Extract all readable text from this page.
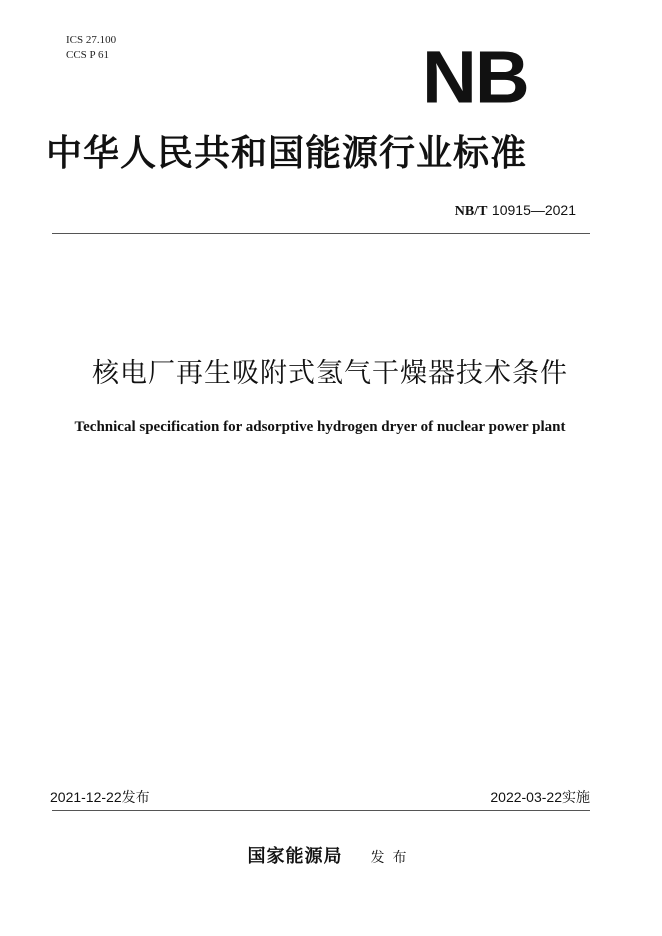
ICS 27.100
CCS P 61	NB
中华人民共和国能源行业标准
NB/T 10915—2021
核电厂再生吸附式氢气干燥器技术条件
Technical specification for adsorptive hydrogen dryer of nuclear power plant
2021-12-22发布	2022-03-22实施
国家能源局 发布
